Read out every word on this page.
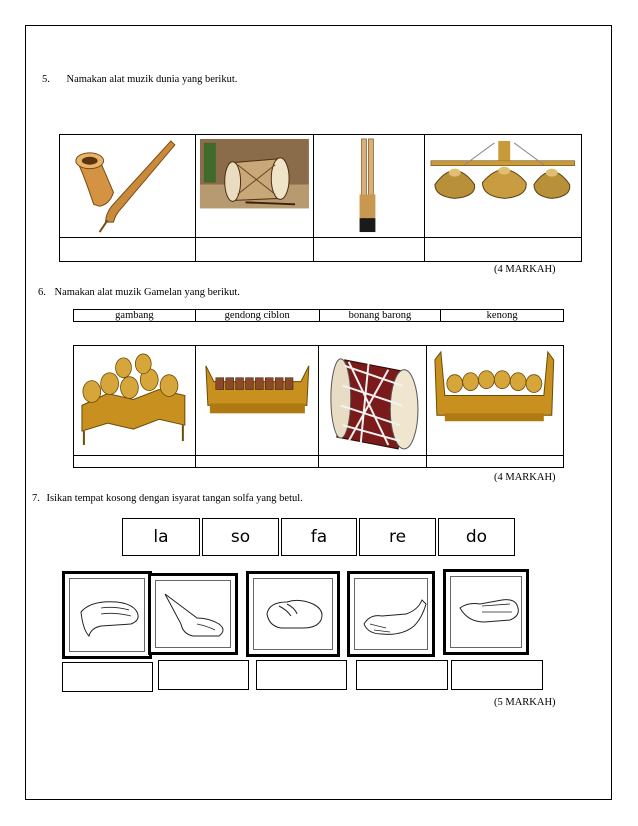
5. Namakan alat muzik dunia yang berikut.

(4 MARKAH)
6. Namakan alat muzik Gamelan yang berikut.
gambang	gendong ciblon	bonang barong	kenong

(4 MARKAH)
7. Isikan tempat kosong dengan isyarat tangan solfa yang betul.
la	so	fa	re	do
(5 MARKAH)
